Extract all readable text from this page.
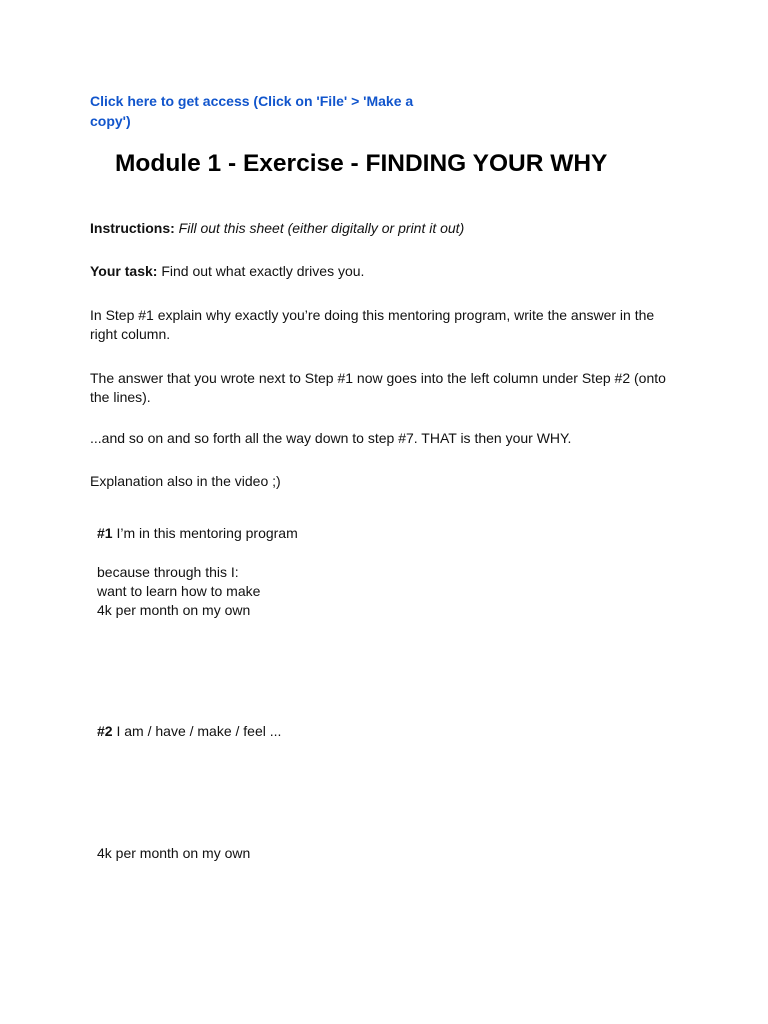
Click here to get access (Click on 'File' > 'Make a copy')
Module 1 - Exercise - FINDING YOUR WHY

Instructions: Fill out this sheet (either digitally or print it out)

Your task: Find out what exactly drives you.

In Step #1 explain why exactly you’re doing this mentoring program, write the answer in the right column.

The answer that you wrote next to Step #1 now goes into the left column under Step #2 (onto the lines).

...and so on and so forth all the way down to step #7. THAT is then your WHY.

Explanation also in the video ;)

#1 I’m in this mentoring program
because through this I:
want to learn how to make
4k per month on my own
#2 I am / have / make / feel ...
4k per month on my own
